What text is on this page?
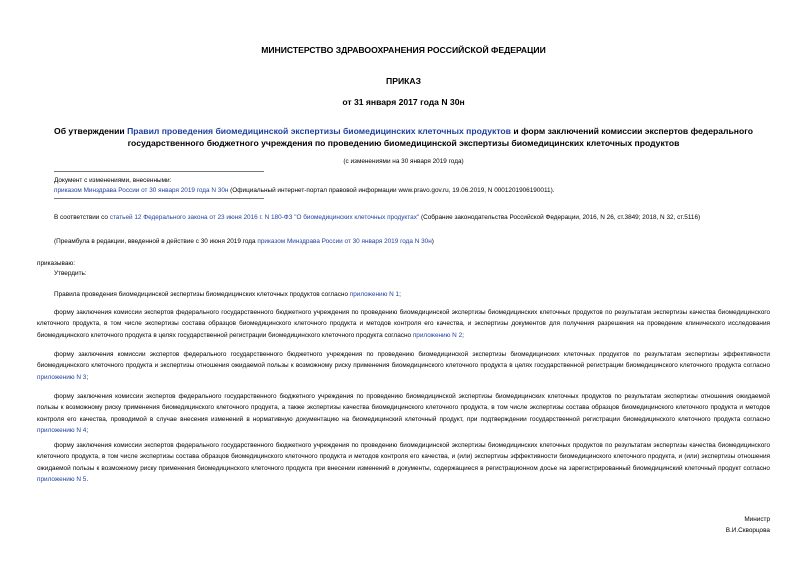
МИНИСТЕРСТВО ЗДРАВООХРАНЕНИЯ РОССИЙСКОЙ ФЕДЕРАЦИИ
ПРИКАЗ
от 31 января 2017 года N 30н
Об утверждении Правил проведения биомедицинской экспертизы биомедицинских клеточных продуктов и форм заключений комиссии экспертов федерального государственного бюджетного учреждения по проведению биомедицинской экспертизы биомедицинских клеточных продуктов
(с изменениями на 30 января 2019 года)
Документ с изменениями, внесенными:
приказом Минздрава России от 30 января 2019 года N 30н (Официальный интернет-портал правовой информации www.pravo.gov.ru, 19.06.2019, N 0001201906190011).
В соответствии со статьей 12 Федерального закона от 23 июня 2016 г. N 180-ФЗ "О биомедицинских клеточных продуктах" (Собрание законодательства Российской Федерации, 2016, N 26, ст.3849; 2018, N 32, ст.5116)
(Преамбула в редакции, введенной в действие с 30 июня 2019 года приказом Минздрава России от 30 января 2019 года N 30н)
приказываю:
Утвердить:
Правила проведения биомедицинской экспертизы биомедицинских клеточных продуктов согласно приложению N 1;
форму заключения комиссии экспертов федерального государственного бюджетного учреждения по проведению биомедицинской экспертизы биомедицинских клеточных продуктов по результатам экспертизы качества биомедицинского клеточного продукта, в том числе экспертизы состава образцов биомедицинского клеточного продукта и методов контроля его качества, и экспертизы документов для получения разрешения на проведение клинического исследования биомедицинского клеточного продукта в целях государственной регистрации биомедицинского клеточного продукта согласно приложению N 2;
форму заключения комиссии экспертов федерального государственного бюджетного учреждения по проведению биомедицинской экспертизы биомедицинских клеточных продуктов по результатам экспертизы эффективности биомедицинского клеточного продукта и экспертизы отношения ожидаемой пользы к возможному риску применения биомедицинского клеточного продукта в целях государственной регистрации биомедицинского клеточного продукта согласно приложению N 3;
форму заключения комиссии экспертов федерального государственного бюджетного учреждения по проведению биомедицинской экспертизы биомедицинских клеточных продуктов по результатам экспертизы отношения ожидаемой пользы к возможному риску применения биомедицинского клеточного продукта, а также экспертизы качества биомедицинского клеточного продукта, в том числе экспертизы состава образцов биомедицинского клеточного продукта и методов контроля его качества, проводимой в случае внесения изменений в нормативную документацию на биомедицинский клеточный продукт, при подтверждении государственной регистрации биомедицинского клеточного продукта согласно приложению N 4;
форму заключения комиссии экспертов федерального государственного бюджетного учреждения по проведению биомедицинской экспертизы биомедицинских клеточных продуктов по результатам экспертизы качества биомедицинского клеточного продукта, в том числе экспертизы состава образцов биомедицинского клеточного продукта и методов контроля его качества, и (или) экспертизы эффективности биомедицинского клеточного продукта, и (или) экспертизы отношения ожидаемой пользы к возможному риску применения биомедицинского клеточного продукта при внесении изменений в документы, содержащиеся в регистрационном досье на зарегистрированный биомедицинский клеточный продукт согласно приложению N 5.
Министр
В.И.Скворцова
